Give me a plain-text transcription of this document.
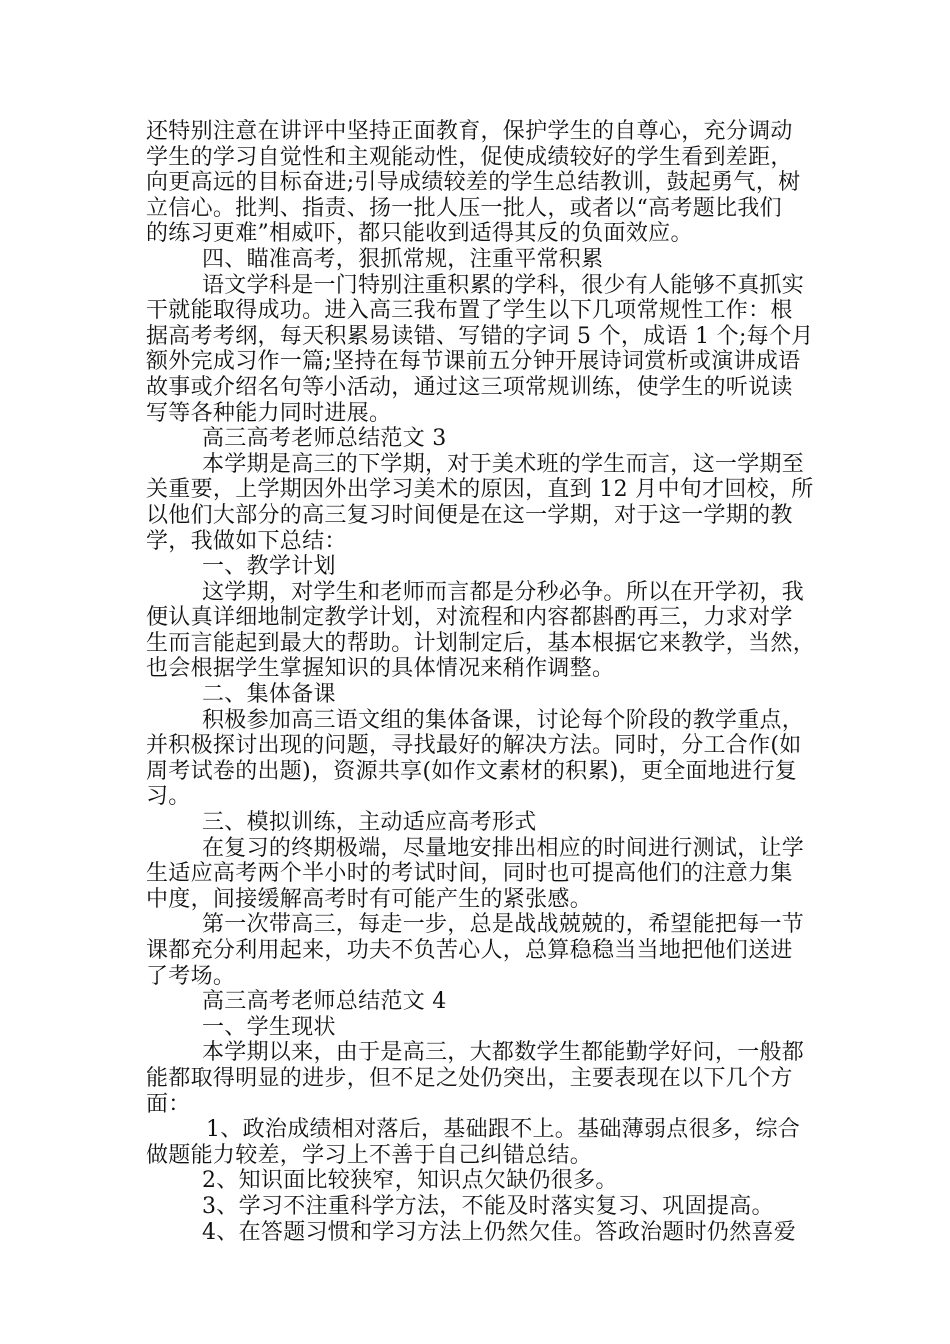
还特别注意在讲评中坚持正面教育，保护学生的自尊心，充分调动
学生的学习自觉性和主观能动性，促使成绩较好的学生看到差距，
向更高远的目标奋进;引导成绩较差的学生总结教训，鼓起勇气，树
立信心。批判、指责、扬一批人压一批人，或者以“高考题比我们
的练习更难”相威吓，都只能收到适得其反的负面效应。
四、瞄准高考，狠抓常规，注重平常积累
语文学科是一门特别注重积累的学科，很少有人能够不真抓实
干就能取得成功。进入高三我布置了学生以下几项常规性工作：根
据高考考纲，每天积累易读错、写错的字词 5 个，成语 1 个;每个月
额外完成习作一篇;坚持在每节课前五分钟开展诗词赏析或演讲成语
故事或介绍名句等小活动，通过这三项常规训练，使学生的听说读
写等各种能力同时进展。
高三高考老师总结范文 3
本学期是高三的下学期，对于美术班的学生而言，这一学期至
关重要，上学期因外出学习美术的原因，直到 12 月中旬才回校，所
以他们大部分的高三复习时间便是在这一学期，对于这一学期的教
学，我做如下总结：
一、教学计划
这学期，对学生和老师而言都是分秒必争。所以在开学初，我
便认真详细地制定教学计划，对流程和内容都斟酌再三，力求对学
生而言能起到最大的帮助。计划制定后，基本根据它来教学，当然，
也会根据学生掌握知识的具体情况来稍作调整。
二、集体备课
积极参加高三语文组的集体备课，讨论每个阶段的教学重点，
并积极探讨出现的问题，寻找最好的解决方法。同时，分工合作(如
周考试卷的出题)，资源共享(如作文素材的积累)，更全面地进行复
习。
三、模拟训练，主动适应高考形式
在复习的终期极端，尽量地安排出相应的时间进行测试，让学
生适应高考两个半小时的考试时间，同时也可提高他们的注意力集
中度，间接缓解高考时有可能产生的紧张感。
第一次带高三，每走一步，总是战战兢兢的，希望能把每一节
课都充分利用起来，功夫不负苦心人，总算稳稳当当地把他们送进
了考场。
高三高考老师总结范文 4
一、学生现状
本学期以来，由于是高三，大都数学生都能勤学好问，一般都
能都取得明显的进步，但不足之处仍突出，主要表现在以下几个方
面：
1、政治成绩相对落后，基础跟不上。基础薄弱点很多，综合
做题能力较差，学习上不善于自己纠错总结。
2、知识面比较狭窄，知识点欠缺仍很多。
3、学习不注重科学方法，不能及时落实复习、巩固提高。
4、在答题习惯和学习方法上仍然欠佳。答政治题时仍然喜爱
